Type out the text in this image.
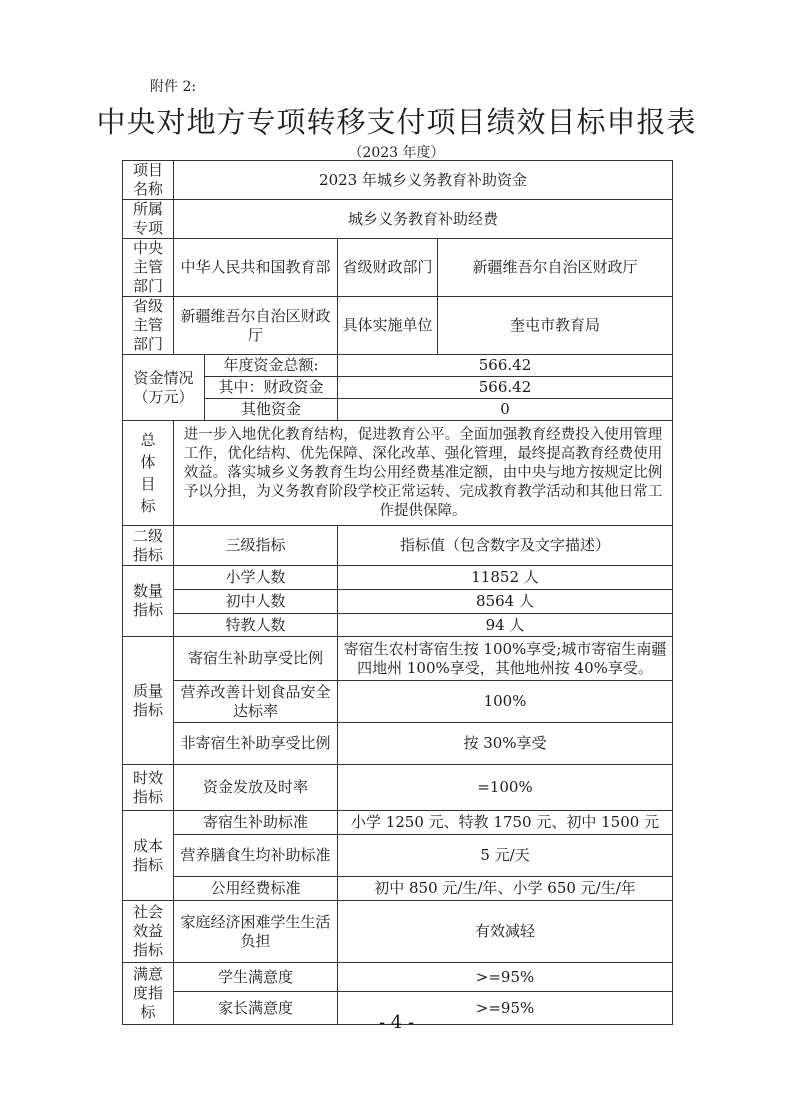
附件 2:
中央对地方专项转移支付项目绩效目标申报表
（2023 年度）
项目名称	2023 年城乡义务教育补助资金			
所属专项	城乡义务教育补助经费			
中央主管部门	中华人民共和国教育部		省级财政部门	新疆维吾尔自治区财政厅
省级主管部门	新疆维吾尔自治区财政厅		具体实施单位	奎屯市教育局
资金情况（万元）		年度资金总额:	566.42	
		其中：财政资金	566.42	
		其他资金	0	
总体目标	进一步入地优化教育结构，促进教育公平。全面加强教育经费投入使用管理工作，优化结构、优先保障、深化改革、强化管理，最终提高教育经费使用效益。落实城乡义务教育生均公用经费基准定额，由中央与地方按规定比例予以分担，为义务教育阶段学校正常运转、完成教育教学活动和其他日常工作提供保障。			
二级指标	三级指标		指标值（包含数字及文字描述）	
数量指标	小学人数		11852 人	
	初中人数		8564 人	
	特教人数		94 人	
质量指标	寄宿生补助享受比例		寄宿生农村寄宿生按 100%享受;城市寄宿生南疆四地州 100%享受，其他地州按 40%享受。	
	营养改善计划食品安全达标率		100%	
	非寄宿生补助享受比例		按 30%享受	
时效指标	资金发放及时率		=100%	
成本指标	寄宿生补助标准		小学 1250 元、特教 1750 元、初中 1500 元	
	营养膳食生均补助标准		5 元/天	
	公用经费标准		初中 850 元/生/年、小学 650 元/生/年	
社会效益指标	家庭经济困难学生生活负担		有效减轻	
满意度指标	学生满意度		>=95%	
	家长满意度		>=95%	
- 4 -
